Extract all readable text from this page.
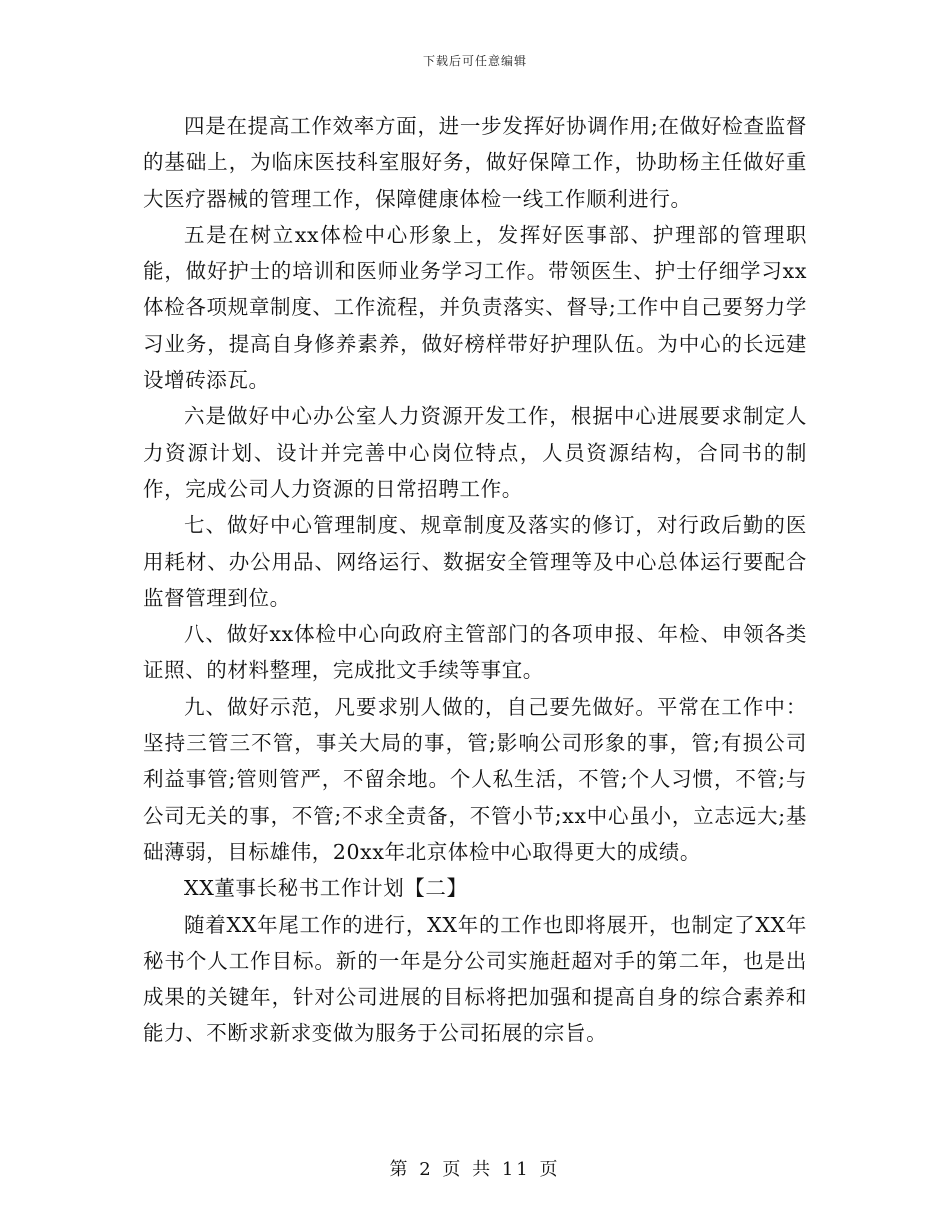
下载后可任意编辑

四是在提高工作效率方面，进一步发挥好协调作用;在做好检查监督的基础上，为临床医技科室服好务，做好保障工作，协助杨主任做好重大医疗器械的管理工作，保障健康体检一线工作顺利进行。

五是在树立xx体检中心形象上，发挥好医事部、护理部的管理职能，做好护士的培训和医师业务学习工作。带领医生、护士仔细学习xx体检各项规章制度、工作流程，并负责落实、督导;工作中自己要努力学习业务，提高自身修养素养，做好榜样带好护理队伍。为中心的长远建设增砖添瓦。

六是做好中心办公室人力资源开发工作，根据中心进展要求制定人力资源计划、设计并完善中心岗位特点，人员资源结构，合同书的制作，完成公司人力资源的日常招聘工作。

七、做好中心管理制度、规章制度及落实的修订，对行政后勤的医用耗材、办公用品、网络运行、数据安全管理等及中心总体运行要配合监督管理到位。

八、做好xx体检中心向政府主管部门的各项申报、年检、申领各类证照、的材料整理，完成批文手续等事宜。

九、做好示范，凡要求别人做的，自己要先做好。平常在工作中：坚持三管三不管，事关大局的事，管;影响公司形象的事，管;有损公司利益事管;管则管严，不留余地。个人私生活，不管;个人习惯，不管;与公司无关的事，不管;不求全责备，不管小节;xx中心虽小，立志远大;基础薄弱，目标雄伟，20xx年北京体检中心取得更大的成绩。

XX董事长秘书工作计划【二】

随着XX年尾工作的进行，XX年的工作也即将展开，也制定了XX年秘书个人工作目标。新的一年是分公司实施赶超对手的第二年，也是出成果的关键年，针对公司进展的目标将把加强和提高自身的综合素养和能力、不断求新求变做为服务于公司拓展的宗旨。

第 2 页 共 11 页
